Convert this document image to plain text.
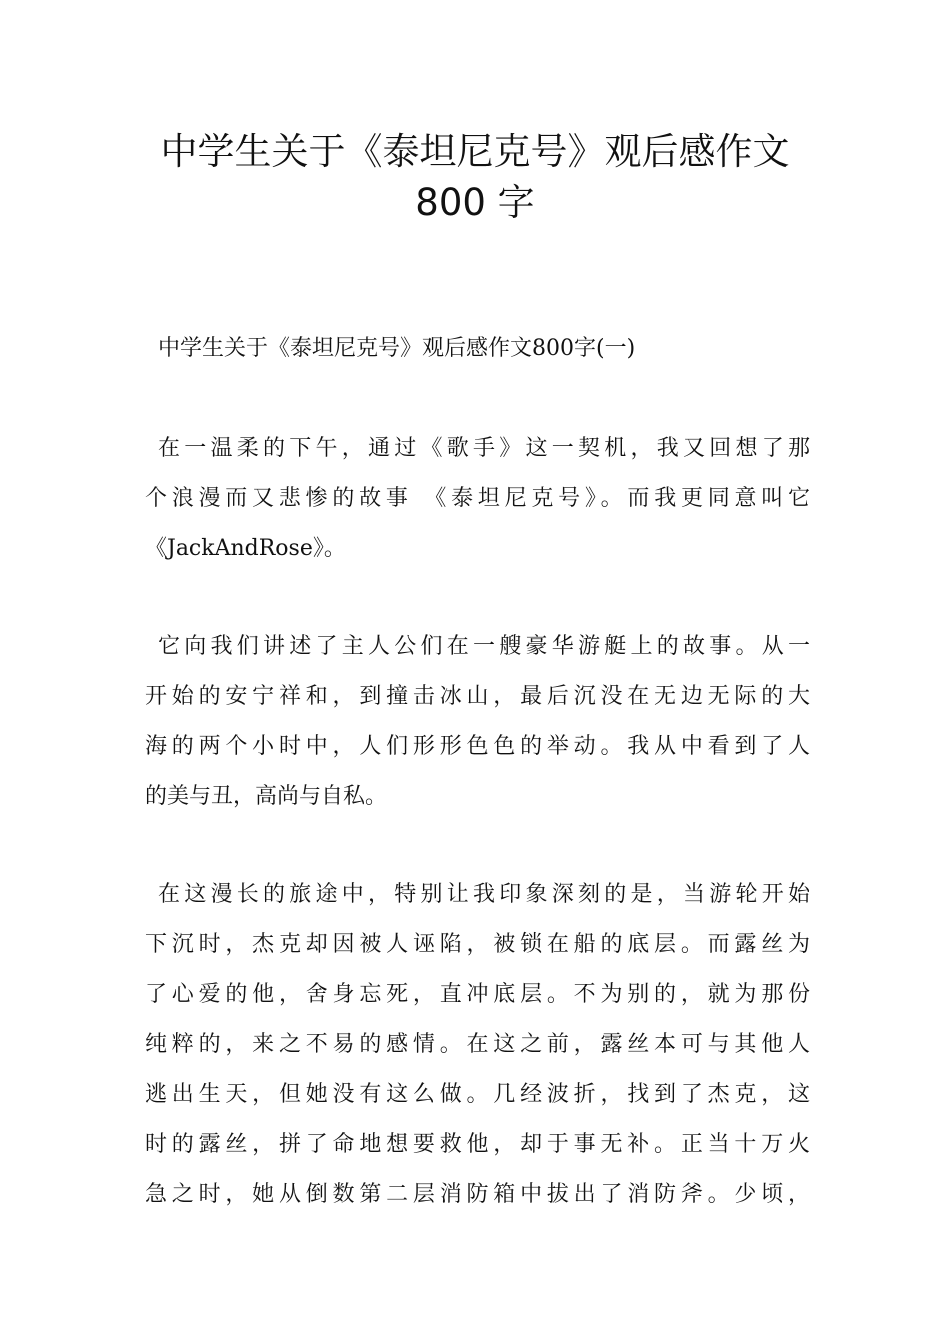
中学生关于《泰坦尼克号》观后感作文
800 字

中学生关于《泰坦尼克号》观后感作文800字(一)

在一温柔的下午，通过《歌手》这一契机，我又回想了那

个浪漫而又悲惨的故事 《泰坦尼克号》。而我更同意叫它

《JackAndRose》。

它向我们讲述了主人公们在一艘豪华游艇上的故事。从一

开始的安宁祥和，到撞击冰山，最后沉没在无边无际的大

海的两个小时中，人们形形色色的举动。我从中看到了人

的美与丑，高尚与自私。

在这漫长的旅途中，特别让我印象深刻的是，当游轮开始

下沉时，杰克却因被人诬陷，被锁在船的底层。而露丝为

了心爱的他，舍身忘死，直冲底层。不为别的，就为那份

纯粹的，来之不易的感情。在这之前，露丝本可与其他人

逃出生天，但她没有这么做。几经波折，找到了杰克，这

时的露丝，拼了命地想要救他，却于事无补。正当十万火

急之时，她从倒数第二层消防箱中拔出了消防斧。少顷，
